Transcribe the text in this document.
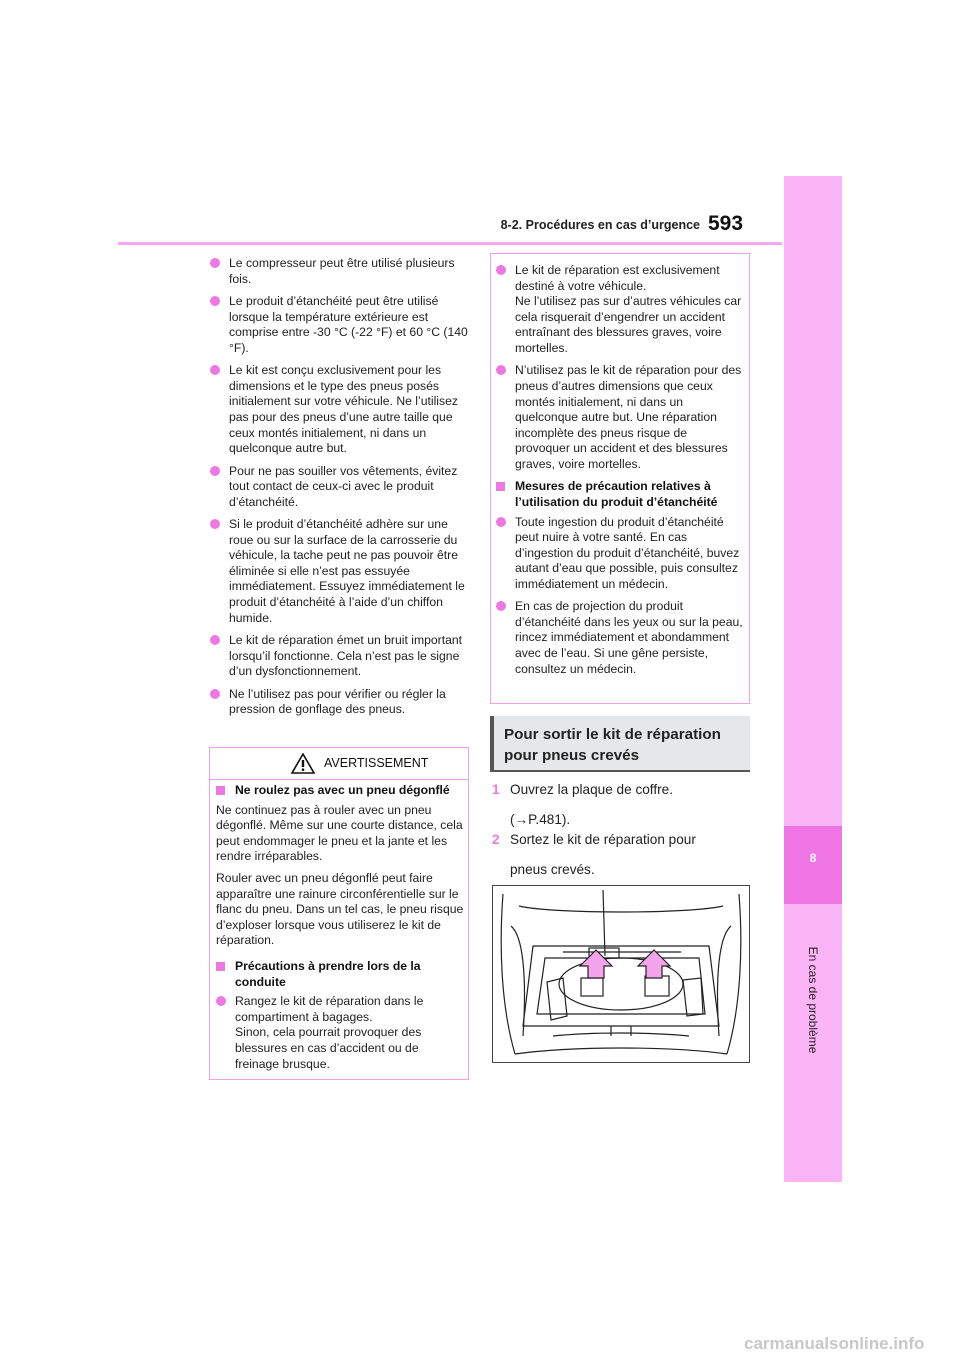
8-2. Procédures en cas d’urgence 593
8
En cas de problème
Le compresseur peut être utilisé plusieurs fois.
Le produit d’étanchéité peut être utilisé lorsque la température extérieure est comprise entre -30 °C (-22 °F) et 60 °C (140 °F).
Le kit est conçu exclusivement pour les dimensions et le type des pneus posés initialement sur votre véhicule. Ne l’utilisez pas pour des pneus d’une autre taille que ceux montés initialement, ni dans un quelconque autre but.
Pour ne pas souiller vos vêtements, évitez tout contact de ceux-ci avec le produit d’étanchéité.
Si le produit d’étanchéité adhère sur une roue ou sur la surface de la carrosserie du véhicule, la tache peut ne pas pouvoir être éliminée si elle n’est pas essuyée immédiatement. Essuyez immédiatement le produit d’étanchéité à l’aide d’un chiffon humide.
Le kit de réparation émet un bruit important lorsqu’il fonctionne. Cela n’est pas le signe d’un dysfonctionnement.
Ne l’utilisez pas pour vérifier ou régler la pression de gonflage des pneus.
AVERTISSEMENT
Ne roulez pas avec un pneu dégonflé

Ne continuez pas à rouler avec un pneu dégonflé. Même sur une courte distance, cela peut endommager le pneu et la jante et les rendre irréparables.

Rouler avec un pneu dégonflé peut faire apparaître une rainure circonférentielle sur le flanc du pneu. Dans un tel cas, le pneu risque d’exploser lorsque vous utiliserez le kit de réparation.

Précautions à prendre lors de la conduite
Rangez le kit de réparation dans le compartiment à bagages.
Sinon, cela pourrait provoquer des blessures en cas d’accident ou de freinage brusque.
Le kit de réparation est exclusivement destiné à votre véhicule.
Ne l’utilisez pas sur d’autres véhicules car cela risquerait d’engendrer un accident entraînant des blessures graves, voire mortelles.
N’utilisez pas le kit de réparation pour des pneus d’autres dimensions que ceux montés initialement, ni dans un quelconque autre but. Une réparation incomplète des pneus risque de provoquer un accident et des blessures graves, voire mortelles.
Mesures de précaution relatives à l’utilisation du produit d’étanchéité
Toute ingestion du produit d’étanchéité peut nuire à votre santé. En cas d’ingestion du produit d’étanchéité, buvez autant d’eau que possible, puis consultez immédiatement un médecin.
En cas de projection du produit d’étanchéité dans les yeux ou sur la peau, rincez immédiatement et abondamment avec de l’eau. Si une gêne persiste, consultez un médecin.
Pour sortir le kit de réparation pour pneus crevés
1 Ouvrez la plaque de coffre.
(→P.481).
2 Sortez le kit de réparation pour pneus crevés.
carmanualsonline.info
